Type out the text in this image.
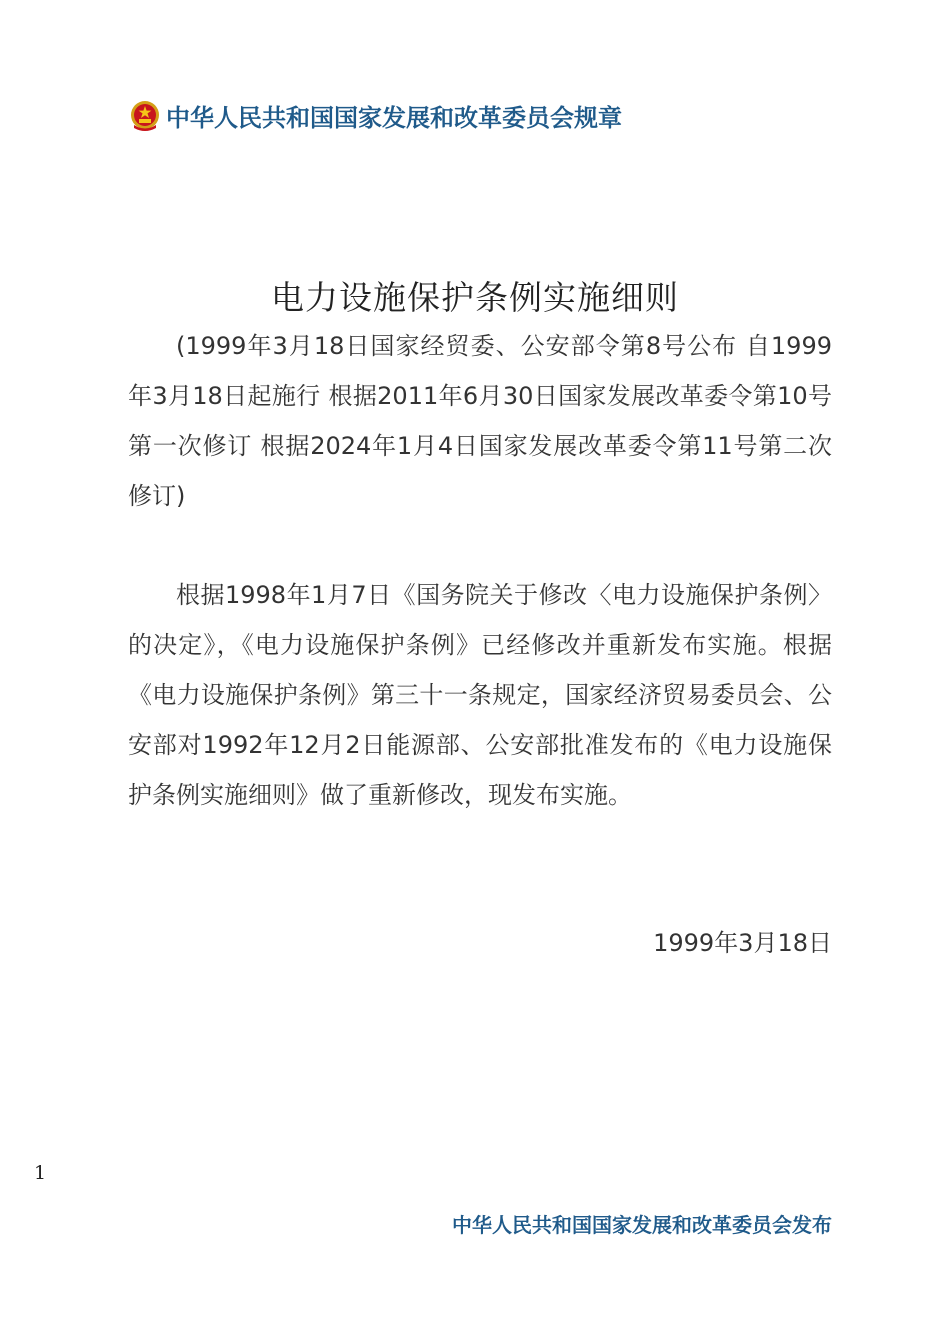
中华人民共和国国家发展和改革委员会规章
电力设施保护条例实施细则

(1999年3月18日国家经贸委、公安部令第8号公布 自1999年3月18日起施行 根据2011年6月30日国家发展改革委令第10号第一次修订 根据2024年1月4日国家发展改革委令第11号第二次修订)

根据1998年1月7日《国务院关于修改〈电力设施保护条例〉的决定》，《电力设施保护条例》已经修改并重新发布实施。根据《电力设施保护条例》第三十一条规定，国家经济贸易委员会、公安部对1992年12月2日能源部、公安部批准发布的《电力设施保护条例实施细则》做了重新修改，现发布实施。

1999年3月18日
1
中华人民共和国国家发展和改革委员会发布
